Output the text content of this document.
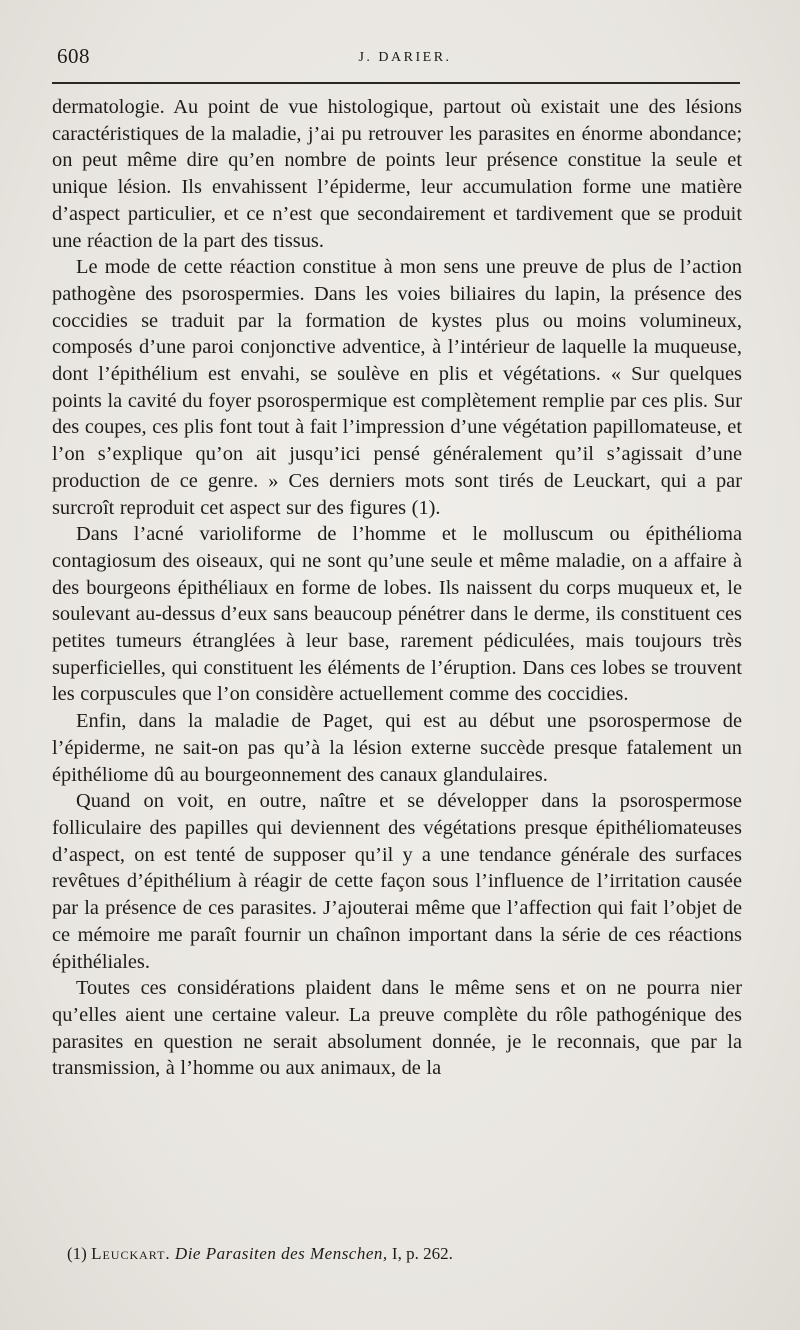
608	J. DARIER.

dermatologie. Au point de vue histologique, partout où existait une des lésions caractéristiques de la maladie, j’ai pu retrouver les parasites en énorme abondance; on peut même dire qu’en nombre de points leur présence constitue la seule et unique lésion. Ils envahissent l’épiderme, leur accumulation forme une matière d’aspect particulier, et ce n’est que secondairement et tardivement que se produit une réaction de la part des tissus.

Le mode de cette réaction constitue à mon sens une preuve de plus de l’action pathogène des psorospermies. Dans les voies biliaires du lapin, la présence des coccidies se traduit par la formation de kystes plus ou moins volumineux, composés d’une paroi conjonctive adventice, à l’intérieur de laquelle la muqueuse, dont l’épithélium est envahi, se soulève en plis et végétations. « Sur quelques points la cavité du foyer psorospermique est complètement remplie par ces plis. Sur des coupes, ces plis font tout à fait l’impression d’une végétation papillomateuse, et l’on s’explique qu’on ait jusqu’ici pensé généralement qu’il s’agissait d’une production de ce genre. » Ces derniers mots sont tirés de Leuckart, qui a par surcroît reproduit cet aspect sur des figures (1).

Dans l’acné varioliforme de l’homme et le molluscum ou épithélioma contagiosum des oiseaux, qui ne sont qu’une seule et même maladie, on a affaire à des bourgeons épithéliaux en forme de lobes. Ils naissent du corps muqueux et, le soulevant au-dessus d’eux sans beaucoup pénétrer dans le derme, ils constituent ces petites tumeurs étranglées à leur base, rarement pédiculées, mais toujours très superficielles, qui constituent les éléments de l’éruption. Dans ces lobes se trouvent les corpuscules que l’on considère actuellement comme des coccidies.

Enfin, dans la maladie de Paget, qui est au début une psorospermose de l’épiderme, ne sait-on pas qu’à la lésion externe succède presque fatalement un épithéliome dû au bourgeonnement des canaux glandulaires.

Quand on voit, en outre, naître et se développer dans la psorospermose folliculaire des papilles qui deviennent des végétations presque épithéliomateuses d’aspect, on est tenté de supposer qu’il y a une tendance générale des surfaces revêtues d’épithélium à réagir de cette façon sous l’influence de l’irritation causée par la présence de ces parasites. J’ajouterai même que l’affection qui fait l’objet de ce mémoire me paraît fournir un chaînon important dans la série de ces réactions épithéliales.

Toutes ces considérations plaident dans le même sens et on ne pourra nier qu’elles aient une certaine valeur. La preuve complète du rôle pathogénique des parasites en question ne serait absolument donnée, je le reconnais, que par la transmission, à l’homme ou aux animaux, de la

(1) Leuckart. Die Parasiten des Menschen, I, p. 262.
